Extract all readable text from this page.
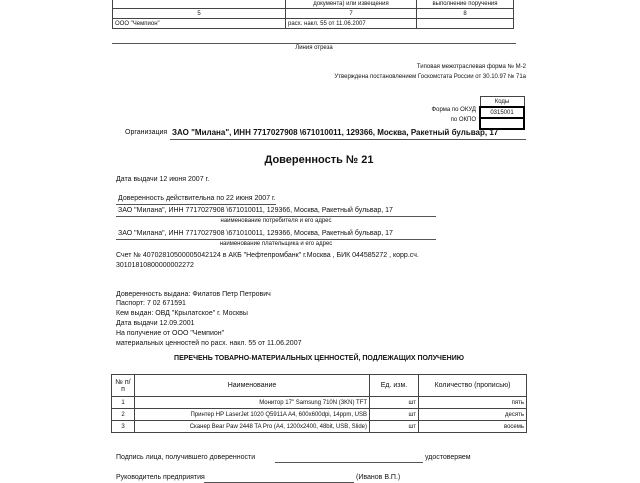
	документа) или извещения	выполнение поручения
5	7	8
ООО "Чемпион"	расх. накл. 55 от 11.06.2007	
Линия отреза
Типовая межотраслевая форма № М-2
Утверждена постановлением Госкомстата России от 30.10.97 № 71а
Форма по ОКУД
по ОКПО
Коды
0315001

Организация ЗАО "Милана", ИНН 7717027908 \671010011, 129366, Москва, Ракетный бульвар, 17
Доверенность № 21
Дата выдачи 12 июня 2007 г.
Доверенность действительна по 22 июня 2007 г.
ЗАО "Милана", ИНН 7717027908 \671010011, 129366, Москва, Ракетный бульвар, 17
наименование потребителя и его адрес
ЗАО "Милана", ИНН 7717027908 \671010011, 129366, Москва, Ракетный бульвар, 17
наименование плательщика и его адрес
Счет № 40702810500005042124 в АКБ "Нефтепромбанк" г.Москва , БИК 044585272 , корр.сч.
30101810800000002272
Доверенность выдана: Филатов Петр Петрович
Паспорт: 7 02 671591
Кем выдан: ОВД "Крылатское" г. Москвы
Дата выдачи 12.09.2001
На получение от ООО "Чемпион"
материальных ценностей по расх. накл. 55 от 11.06.2007
ПЕРЕЧЕНЬ ТОВАРНО-МАТЕРИАЛЬНЫХ ЦЕННОСТЕЙ, ПОДЛЕЖАЩИХ ПОЛУЧЕНИЮ
№ п/п	Наименование	Ед. изм.	Количество (прописью)
1	Монитор 17" Samsung 710N (3KN) TFT	шт	пять
2	Принтер HP LaserJet 1020 Q5911A A4, 600x600dpi, 14ppm, USB	шт	десять
3	Сканер Bear Paw 2448 TA Pro (A4, 1200x2400, 48bit, USB, Slide)	шт	восемь
Подпись лица, получившего доверенности	удостоверяем
Руководитель предприятия	(Иванов В.П.)
